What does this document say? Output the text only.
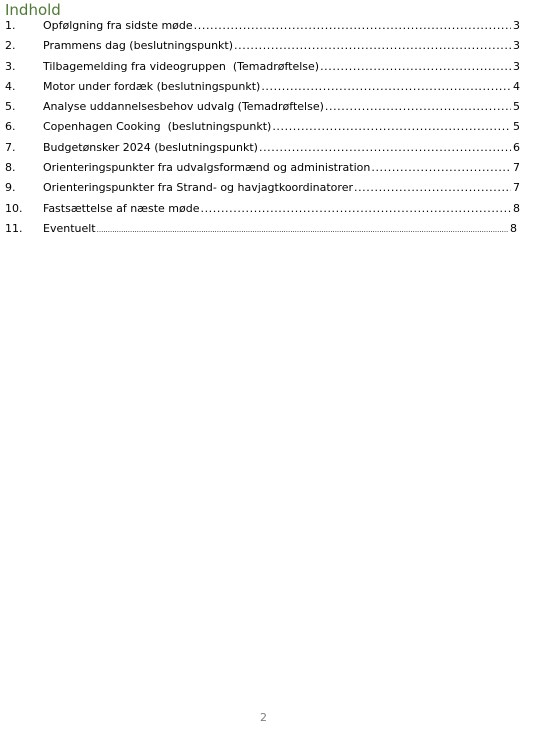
Indhold
1.	Opfølgning fra sidste møde .....	3
2.	Prammens dag (beslutningspunkt) .....	3
3.	Tilbagemelding fra videogruppen  (Temadrøftelse) .....	3
4.	Motor under fordæk (beslutningspunkt) .....	4
5.	Analyse uddannelsesbehov udvalg (Temadrøftelse) .....	5
6.	Copenhagen Cooking  (beslutningspunkt) .....	5
7.	Budgetønsker 2024 (beslutningspunkt) .....	6
8.	Orienteringspunkter fra udvalgsformænd og administration .....	7
9.	Orienteringspunkter fra Strand- og havjagtkoordinatorer .....	7
10.	Fastsættelse af næste møde .....	8
11.	Eventuelt .....	8
2
